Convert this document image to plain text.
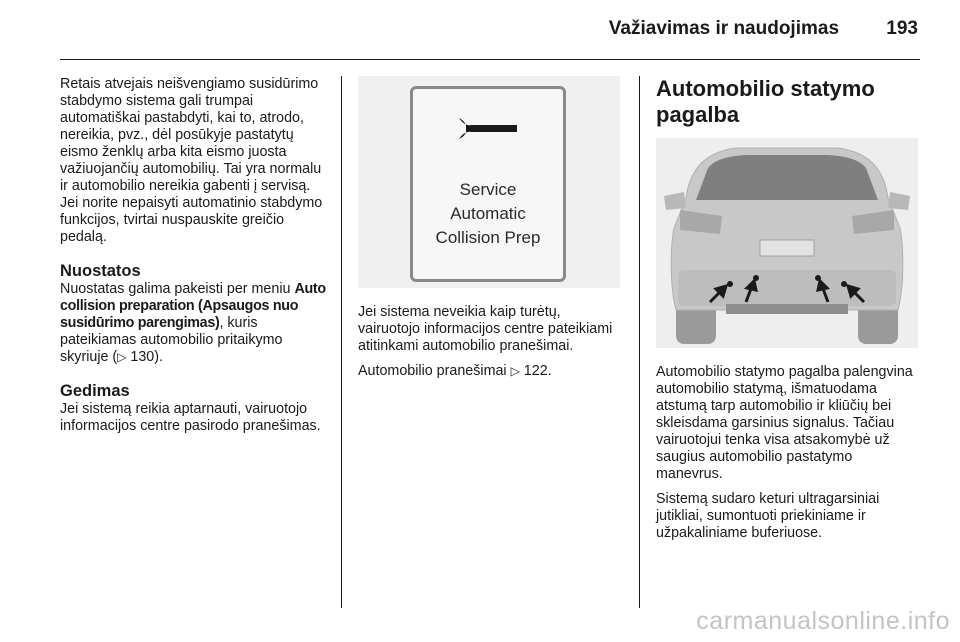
Važiavimas ir naudojimas 193

Retais atvejais neišvengiamo susidūrimo stabdymo sistema gali trumpai automatiškai pastabdyti, kai to, atrodo, nereikia, pvz., dėl posūkyje pastatytų eismo ženklų arba kita eismo juosta važiuojančių automobilių. Tai yra normalu ir automobilio nereikia gabenti į servisą. Jei norite nepaisyti automatinio stabdymo funkcijos, tvirtai nuspauskite greičio pedalą.

Nuostatos

Nuostatas galima pakeisti per meniu Auto collision preparation (Apsaugos nuo susidūrimo parengimas), kuris pateikiamas automobilio pritaikymo skyriuje (▷ 130).

Gedimas

Jei sistemą reikia aptarnauti, vairuotojo informacijos centre pasirodo pranešimas.

Service
Automatic
Collision Prep

Jei sistema neveikia kaip turėtų, vairuotojo informacijos centre pateikiami atitinkami automobilio pranešimai.

Automobilio pranešimai ▷ 122.

Automobilio statymo pagalba

Automobilio statymo pagalba palengvina automobilio statymą, išmatuodama atstumą tarp automobilio ir kliūčių bei skleisdama garsinius signalus. Tačiau vairuotojui tenka visa atsakomybė už saugius automobilio pastatymo manevrus.

Sistemą sudaro keturi ultragarsiniai jutikliai, sumontuoti priekiniame ir užpakaliniame buferiuose.

carmanualsonline.info
